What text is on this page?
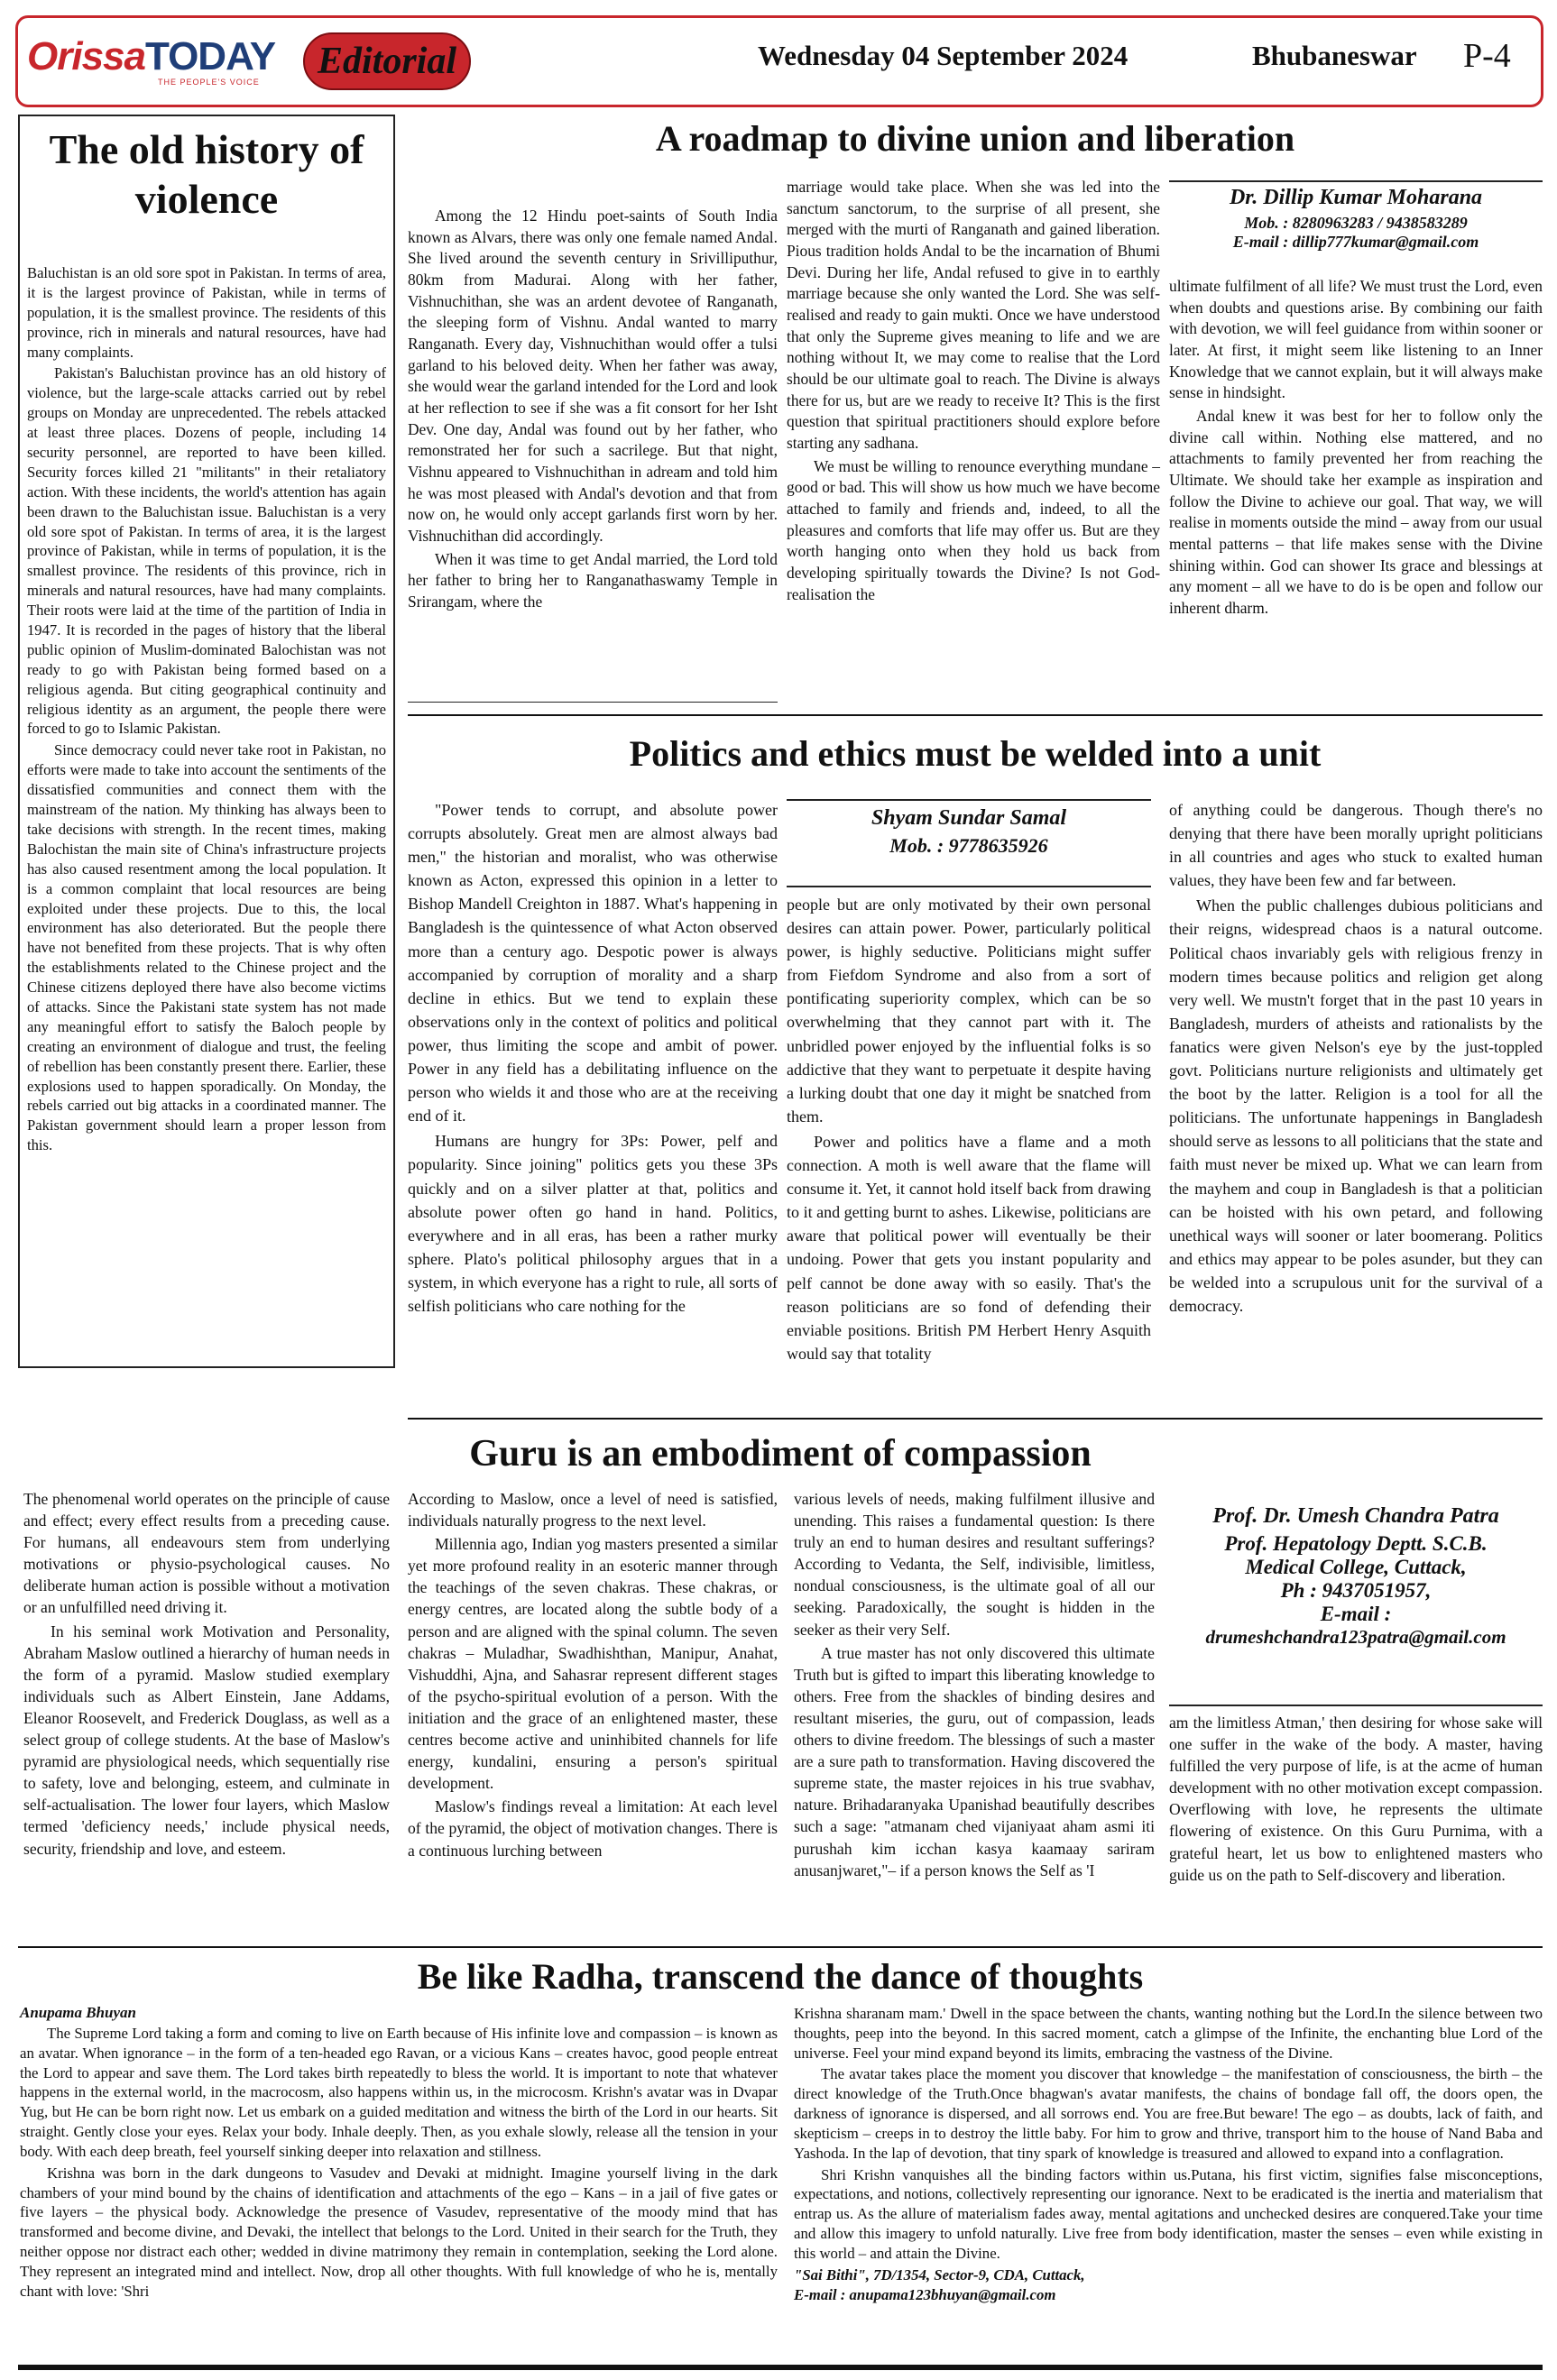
OrissaTODAY
THE PEOPLE'S VOICE	Editorial	Wednesday 04 September 2024	Bhubaneswar P-4
The old history of violence

Baluchistan is an old sore spot in Pakistan. In terms of area, it is the largest province of Pakistan, while in terms of population, it is the smallest province. The residents of this province, rich in minerals and natural resources, have had many complaints.

Pakistan's Baluchistan province has an old history of violence, but the large-scale attacks carried out by rebel groups on Monday are unprecedented. The rebels attacked at least three places. Dozens of people, including 14 security personnel, are reported to have been killed. Security forces killed 21 "militants" in their retaliatory action. With these incidents, the world's attention has again been drawn to the Baluchistan issue. Baluchistan is a very old sore spot of Pakistan. In terms of area, it is the largest province of Pakistan, while in terms of population, it is the smallest province. The residents of this province, rich in minerals and natural resources, have had many complaints. Their roots were laid at the time of the partition of India in 1947. It is recorded in the pages of history that the liberal public opinion of Muslim-dominated Balochistan was not ready to go with Pakistan being formed based on a religious agenda. But citing geographical continuity and religious identity as an argument, the people there were forced to go to Islamic Pakistan.

Since democracy could never take root in Pakistan, no efforts were made to take into account the sentiments of the dissatisfied communities and connect them with the mainstream of the nation. My thinking has always been to take decisions with strength. In the recent times, making Balochistan the main site of China's infrastructure projects has also caused resentment among the local population. It is a common complaint that local resources are being exploited under these projects. Due to this, the local environment has also deteriorated. But the people there have not benefited from these projects. That is why often the establishments related to the Chinese project and the Chinese citizens deployed there have also become victims of attacks. Since the Pakistani state system has not made any meaningful effort to satisfy the Baloch people by creating an environment of dialogue and trust, the feeling of rebellion has been constantly present there. Earlier, these explosions used to happen sporadically. On Monday, the rebels carried out big attacks in a coordinated manner. The Pakistan government should learn a proper lesson from this.

A roadmap to divine union and liberation

Among the 12 Hindu poet-saints of South India known as Alvars, there was only one female named Andal. She lived around the seventh century in Srivilliputhur, 80km from Madurai. Along with her father, Vishnuchithan, she was an ardent devotee of Ranganath, the sleeping form of Vishnu. Andal wanted to marry Ranganath. Every day, Vishnuchithan would offer a tulsi garland to his beloved deity. When her father was away, she would wear the garland intended for the Lord and look at her reflection to see if she was a fit consort for her Isht Dev. One day, Andal was found out by her father, who remonstrated her for such a sacrilege. But that night, Vishnu appeared to Vishnuchithan in adream and told him he was most pleased with Andal's devotion and that from now on, he would only accept garlands first worn by her. Vishnuchithan did accordingly.

When it was time to get Andal married, the Lord told her father to bring her to Ranganathaswamy Temple in Srirangam, where the

marriage would take place. When she was led into the sanctum sanctorum, to the surprise of all present, she merged with the murti of Ranganath and gained liberation. Pious tradition holds Andal to be the incarnation of Bhumi Devi. During her life, Andal refused to give in to earthly marriage because she only wanted the Lord. She was self-realised and ready to gain mukti. Once we have understood that only the Supreme gives meaning to life and we are nothing without It, we may come to realise that the Lord should be our ultimate goal to reach. The Divine is always there for us, but are we ready to receive It? This is the first question that spiritual practitioners should explore before starting any sadhana.

We must be willing to renounce everything mundane – good or bad. This will show us how much we have become attached to family and friends and, indeed, to all the pleasures and comforts that life may offer us. But are they worth hanging onto when they hold us back from developing spiritually towards the Divine? Is not God-realisation the

Dr. Dillip Kumar Moharana
Mob. : 8280963283 / 9438583289
E-mail : dillip777kumar@gmail.com

ultimate fulfilment of all life? We must trust the Lord, even when doubts and questions arise. By combining our faith with devotion, we will feel guidance from within sooner or later. At first, it might seem like listening to an Inner Knowledge that we cannot explain, but it will always make sense in hindsight.

Andal knew it was best for her to follow only the divine call within. Nothing else mattered, and no attachments to family prevented her from reaching the Ultimate. We should take her example as inspiration and follow the Divine to achieve our goal. That way, we will realise in moments outside the mind – away from our usual mental patterns – that life makes sense with the Divine shining within. God can shower Its grace and blessings at any moment – all we have to do is be open and follow our inherent dharm.

Politics and ethics must be welded into a unit

"Power tends to corrupt, and absolute power corrupts absolutely. Great men are almost always bad men," the historian and moralist, who was otherwise known as Acton, expressed this opinion in a letter to Bishop Mandell Creighton in 1887. What's happening in Bangladesh is the quintessence of what Acton observed more than a century ago. Despotic power is always accompanied by corruption of morality and a sharp decline in ethics. But we tend to explain these observations only in the context of politics and political power, thus limiting the scope and ambit of power. Power in any field has a debilitating influence on the person who wields it and those who are at the receiving end of it.

Humans are hungry for 3Ps: Power, pelf and popularity. Since joining" politics gets you these 3Ps quickly and on a silver platter at that, politics and absolute power often go hand in hand. Politics, everywhere and in all eras, has been a rather murky sphere. Plato's political philosophy argues that in a system, in which everyone has a right to rule, all sorts of selfish politicians who care nothing for the

Shyam Sundar Samal
Mob. : 9778635926

people but are only motivated by their own personal desires can attain power. Power, particularly political power, is highly seductive. Politicians might suffer from Fiefdom Syndrome and also from a sort of pontificating superiority complex, which can be so overwhelming that they cannot part with it. The unbridled power enjoyed by the influential folks is so addictive that they want to perpetuate it despite having a lurking doubt that one day it might be snatched from them.

Power and politics have a flame and a moth connection. A moth is well aware that the flame will consume it. Yet, it cannot hold itself back from drawing to it and getting burnt to ashes. Likewise, politicians are aware that political power will eventually be their undoing. Power that gets you instant popularity and pelf cannot be done away with so easily. That's the reason politicians are so fond of defending their enviable positions. British PM Herbert Henry Asquith would say that totality

of anything could be dangerous. Though there's no denying that there have been morally upright politicians in all countries and ages who stuck to exalted human values, they have been few and far between.

When the public challenges dubious politicians and their reigns, widespread chaos is a natural outcome. Political chaos invariably gels with religious frenzy in modern times because politics and religion get along very well. We mustn't forget that in the past 10 years in Bangladesh, murders of atheists and rationalists by the fanatics were given Nelson's eye by the just-toppled govt. Politicians nurture religionists and ultimately get the boot by the latter. Religion is a tool for all the politicians. The unfortunate happenings in Bangladesh should serve as lessons to all politicians that the state and faith must never be mixed up. What we can learn from the mayhem and coup in Bangladesh is that a politician can be hoisted with his own petard, and following unethical ways will sooner or later boomerang. Politics and ethics may appear to be poles asunder, but they can be welded into a scrupulous unit for the survival of a democracy.

Guru is an embodiment of compassion

The phenomenal world operates on the principle of cause and effect; every effect results from a preceding cause. For humans, all endeavours stem from underlying motivations or physio-psychological causes. No deliberate human action is possible without a motivation or an unfulfilled need driving it.

In his seminal work Motivation and Personality, Abraham Maslow outlined a hierarchy of human needs in the form of a pyramid. Maslow studied exemplary individuals such as Albert Einstein, Jane Addams, Eleanor Roosevelt, and Frederick Douglass, as well as a select group of college students. At the base of Maslow's pyramid are physiological needs, which sequentially rise to safety, love and belonging, esteem, and culminate in self-actualisation. The lower four layers, which Maslow termed 'deficiency needs,' include physical needs, security, friendship and love, and esteem.

According to Maslow, once a level of need is satisfied, individuals naturally progress to the next level.

Millennia ago, Indian yog masters presented a similar yet more profound reality in an esoteric manner through the teachings of the seven chakras. These chakras, or energy centres, are located along the subtle body of a person and are aligned with the spinal column. The seven chakras – Muladhar, Swadhishthan, Manipur, Anahat, Vishuddhi, Ajna, and Sahasrar represent different stages of the psycho-spiritual evolution of a person. With the initiation and the grace of an enlightened master, these centres become active and uninhibited channels for life energy, kundalini, ensuring a person's spiritual development.

Maslow's findings reveal a limitation: At each level of the pyramid, the object of motivation changes. There is a continuous lurching between

various levels of needs, making fulfilment illusive and unending. This raises a fundamental question: Is there truly an end to human desires and resultant sufferings? According to Vedanta, the Self, indivisible, limitless, nondual consciousness, is the ultimate goal of all our seeking. Paradoxically, the sought is hidden in the seeker as their very Self.

A true master has not only discovered this ultimate Truth but is gifted to impart this liberating knowledge to others. Free from the shackles of binding desires and resultant miseries, the guru, out of compassion, leads others to divine freedom. The blessings of such a master are a sure path to transformation. Having discovered the supreme state, the master rejoices in his true svabhav, nature. Brihadaranyaka Upanishad beautifully describes such a sage: "atmanam ched vijaniyaat aham asmi iti purushah kim icchan kasya kaamaay sariram anusanjwaret,"– if a person knows the Self as 'I

Prof. Dr. Umesh Chandra Patra
Prof. Hepatology Deptt. S.C.B.
Medical College, Cuttack,
Ph : 9437051957,
E-mail :
drumeshchandra123patra@gmail.com

am the limitless Atman,' then desiring for whose sake will one suffer in the wake of the body. A master, having fulfilled the very purpose of life, is at the acme of human development with no other motivation except compassion. Overflowing with love, he represents the ultimate flowering of existence. On this Guru Purnima, with a grateful heart, let us bow to enlightened masters who guide us on the path to Self-discovery and liberation.

Be like Radha, transcend the dance of thoughts
Anupama Bhuyan

The Supreme Lord taking a form and coming to live on Earth because of His infinite love and compassion – is known as an avatar. When ignorance – in the form of a ten-headed ego Ravan, or a vicious Kans – creates havoc, good people entreat the Lord to appear and save them. The Lord takes birth repeatedly to bless the world. It is important to note that whatever happens in the external world, in the macrocosm, also happens within us, in the microcosm. Krishn's avatar was in Dvapar Yug, but He can be born right now. Let us embark on a guided meditation and witness the birth of the Lord in our hearts. Sit straight. Gently close your eyes. Relax your body. Inhale deeply. Then, as you exhale slowly, release all the tension in your body. With each deep breath, feel yourself sinking deeper into relaxation and stillness.

Krishna was born in the dark dungeons to Vasudev and Devaki at midnight. Imagine yourself living in the dark chambers of your mind bound by the chains of identification and attachments of the ego – Kans – in a jail of five gates or five layers – the physical body. Acknowledge the presence of Vasudev, representative of the moody mind that has transformed and become divine, and Devaki, the intellect that belongs to the Lord. United in their search for the Truth, they neither oppose nor distract each other; wedded in divine matrimony they remain in contemplation, seeking the Lord alone. They represent an integrated mind and intellect. Now, drop all other thoughts. With full knowledge of who he is, mentally chant with love: 'Shri

Krishna sharanam mam.' Dwell in the space between the chants, wanting nothing but the Lord.In the silence between two thoughts, peep into the beyond. In this sacred moment, catch a glimpse of the Infinite, the enchanting blue Lord of the universe. Feel your mind expand beyond its limits, embracing the vastness of the Divine.

The avatar takes place the moment you discover that knowledge – the manifestation of consciousness, the birth – the direct knowledge of the Truth.Once bhagwan's avatar manifests, the chains of bondage fall off, the doors open, the darkness of ignorance is dispersed, and all sorrows end. You are free.But beware! The ego – as doubts, lack of faith, and skepticism – creeps in to destroy the little baby. For him to grow and thrive, transport him to the house of Nand Baba and Yashoda. In the lap of devotion, that tiny spark of knowledge is treasured and allowed to expand into a conflagration.

Shri Krishn vanquishes all the binding factors within us.Putana, his first victim, signifies false misconceptions, expectations, and notions, collectively representing our ignorance. Next to be eradicated is the inertia and materialism that entrap us. As the allure of materialism fades away, mental agitations and unchecked desires are conquered.Take your time and allow this imagery to unfold naturally. Live free from body identification, master the senses – even while existing in this world – and attain the Divine.

"Sai Bithi", 7D/1354, Sector-9, CDA, Cuttack,
E-mail : anupama123bhuyan@gmail.com
